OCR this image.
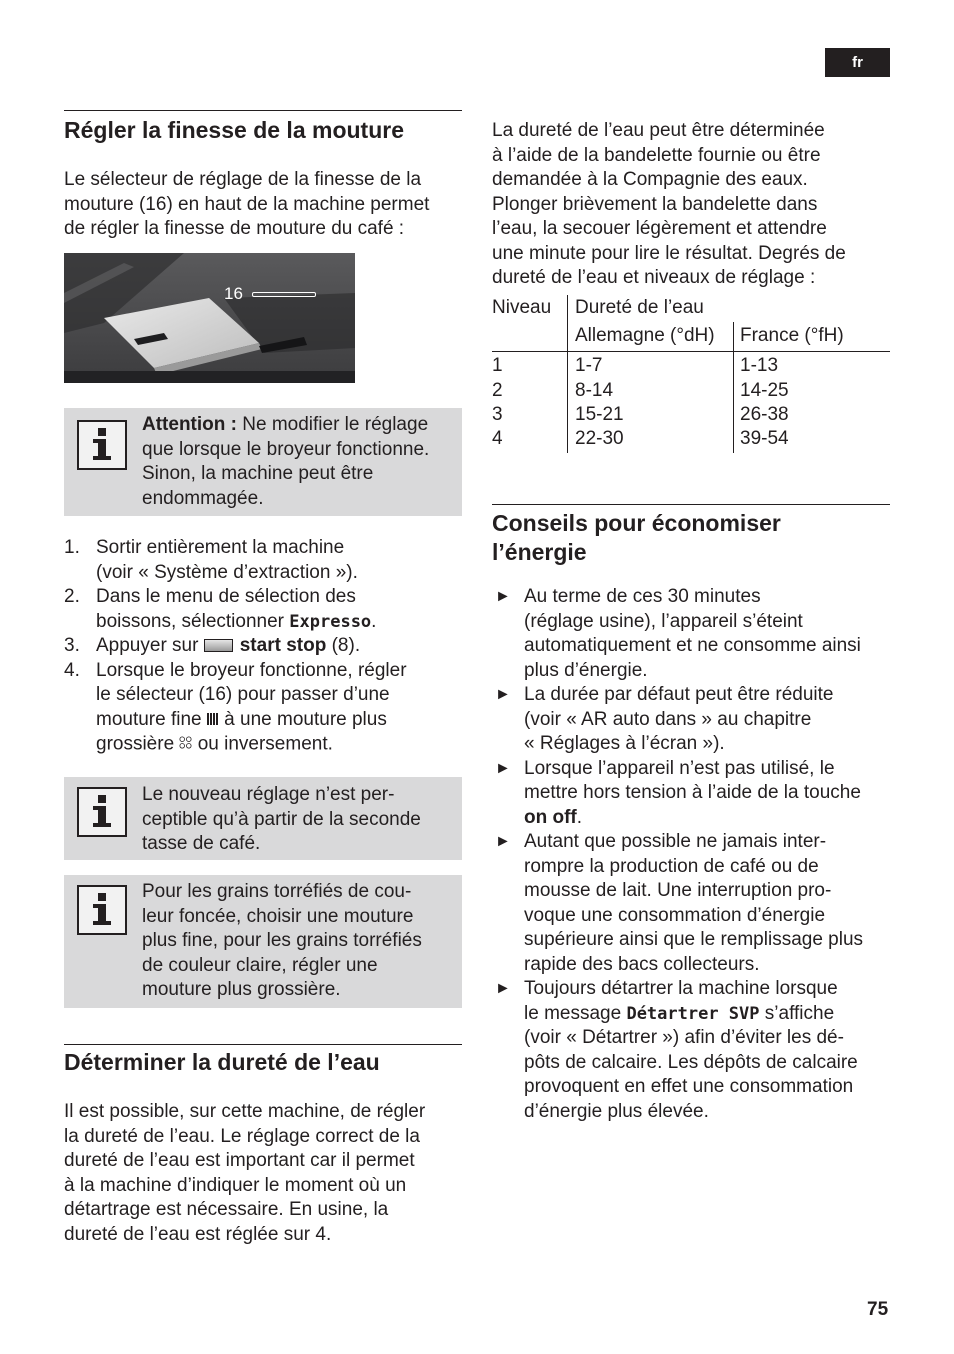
fr
Régler la finesse de la mouture
Le sélecteur de réglage de la finesse de la
mouture (16) en haut de la machine permet
de régler la finesse de mouture du café :
16
Attention : Ne modifier le réglage
que lorsque le broyeur fonctionne.
Sinon, la machine peut être
endommagée.
1. Sortir entièrement la machine
(voir « Système d’extraction »).
2. Dans le menu de sélection des
boissons, sélectionner Expresso.
3. Appuyer sur start stop (8).
4. Lorsque le broyeur fonctionne, régler
le sélecteur (16) pour passer d’une
mouture fine  à une mouture plus
grossière  ou inversement.
Le nouveau réglage n’est per-
ceptible qu’à partir de la seconde
tasse de café.
Pour les grains torréfiés de cou-
leur foncée, choisir une mouture
plus fine, pour les grains torréfiés
de couleur claire, régler une
mouture plus grossière.
Déterminer la dureté de l’eau
Il est possible, sur cette machine, de régler
la dureté de l’eau. Le réglage correct de la
dureté de l’eau est important car il permet
à la machine d’indiquer le moment où un
détartrage est nécessaire. En usine, la
dureté de l’eau est réglée sur 4.
La dureté de l’eau peut être déterminée
à l’aide de la bandelette fournie ou être
demandée à la Compagnie des eaux.
Plonger brièvement la bandelette dans
l’eau, la secouer légèrement et attendre
une minute pour lire le résultat. Degrés de
dureté de l’eau et niveaux de réglage :
Niveau Dureté de l’eau
Allemagne (°dH) France (°fH)
1	1-7	1-13
2	8-14	14-25
3	15-21	26-38
4	22-30	39-54
Conseils pour économiser
l’énergie
► Au terme de ces 30 minutes
(réglage usine), l’appareil s’éteint
automatiquement et ne consomme ainsi
plus d’énergie.
► La durée par défaut peut être réduite
(voir « AR auto dans » au chapitre
« Réglages à l’écran »).
► Lorsque l’appareil n’est pas utilisé, le
mettre hors tension à l’aide de la touche
on off.
► Autant que possible ne jamais inter-
rompre la production de café ou de
mousse de lait. Une interruption pro-
voque une consommation d’énergie
supérieure ainsi que le remplissage plus
rapide des bacs collecteurs.
► Toujours détartrer la machine lorsque
le message Détartrer SVP s’affiche
(voir « Détartrer ») afin d’éviter les dé-
pôts de calcaire. Les dépôts de calcaire
provoquent en effet une consommation
d’énergie plus élevée.
75
